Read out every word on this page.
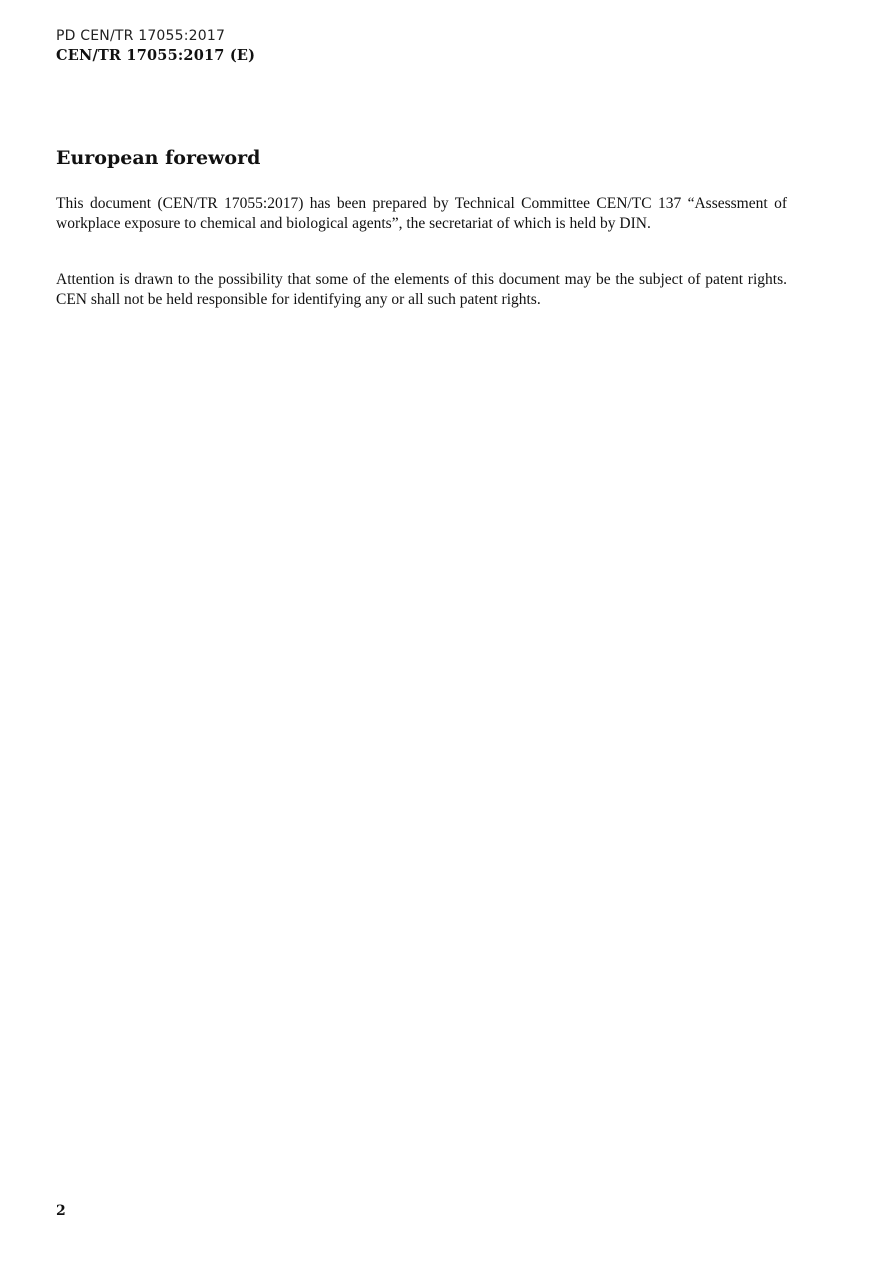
PD CEN/TR 17055:2017
CEN/TR 17055:2017 (E)
European foreword

This document (CEN/TR 17055:2017) has been prepared by Technical Committee CEN/TC 137 “Assessment of workplace exposure to chemical and biological agents”, the secretariat of which is held by DIN.

Attention is drawn to the possibility that some of the elements of this document may be the subject of patent rights. CEN shall not be held responsible for identifying any or all such patent rights.

2
